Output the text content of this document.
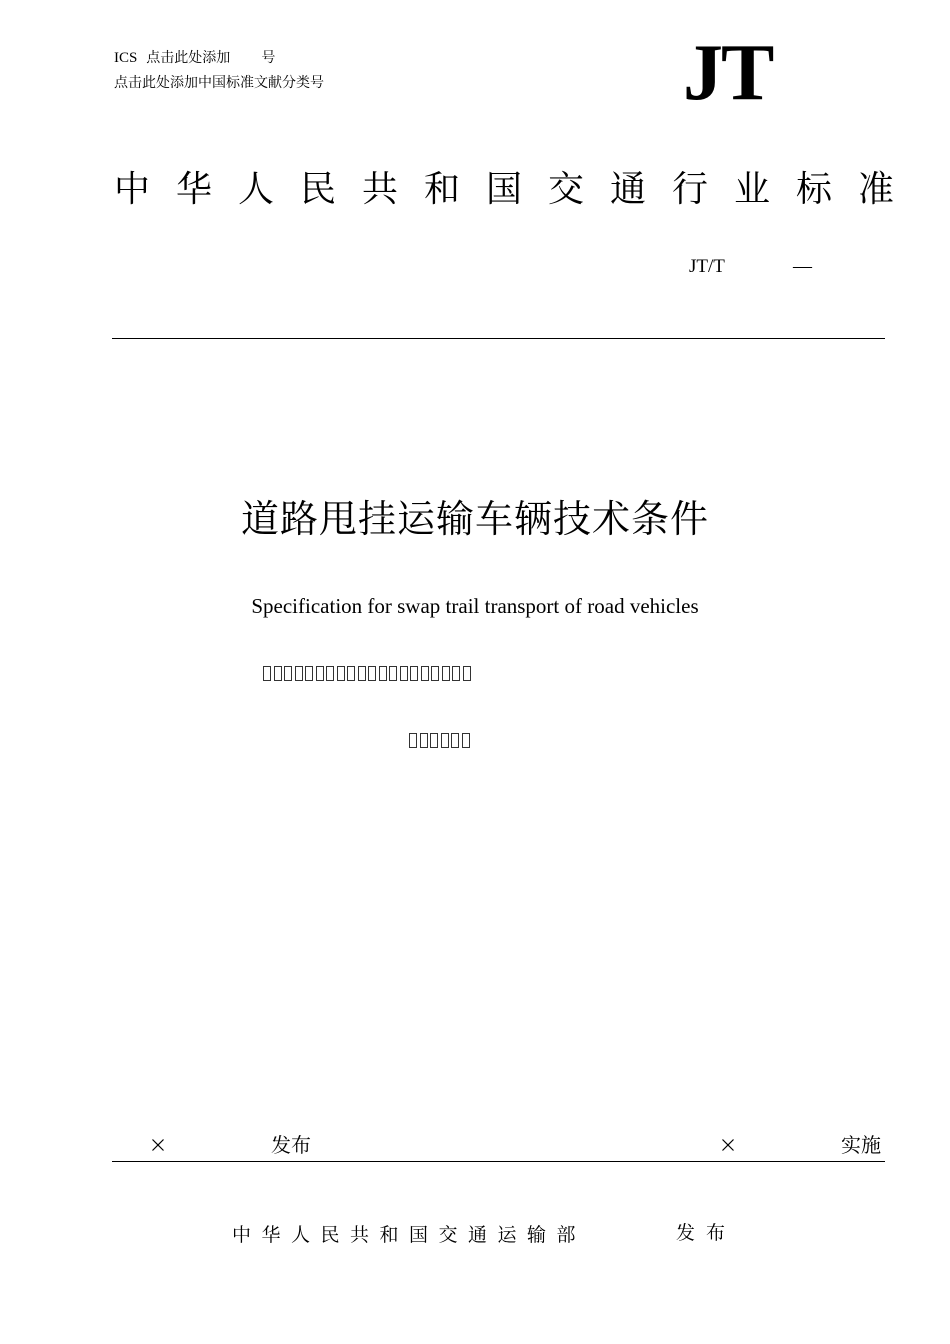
ICS 点击此处添加 号
点击此处添加中国标准文献分类号	JT
中华人民共和国交通行业标准
JT/T	—
道路甩挂运输车辆技术条件
Specification for swap trail transport of road vehicles
发布	实施
中华人民共和国交通运输部	发布
